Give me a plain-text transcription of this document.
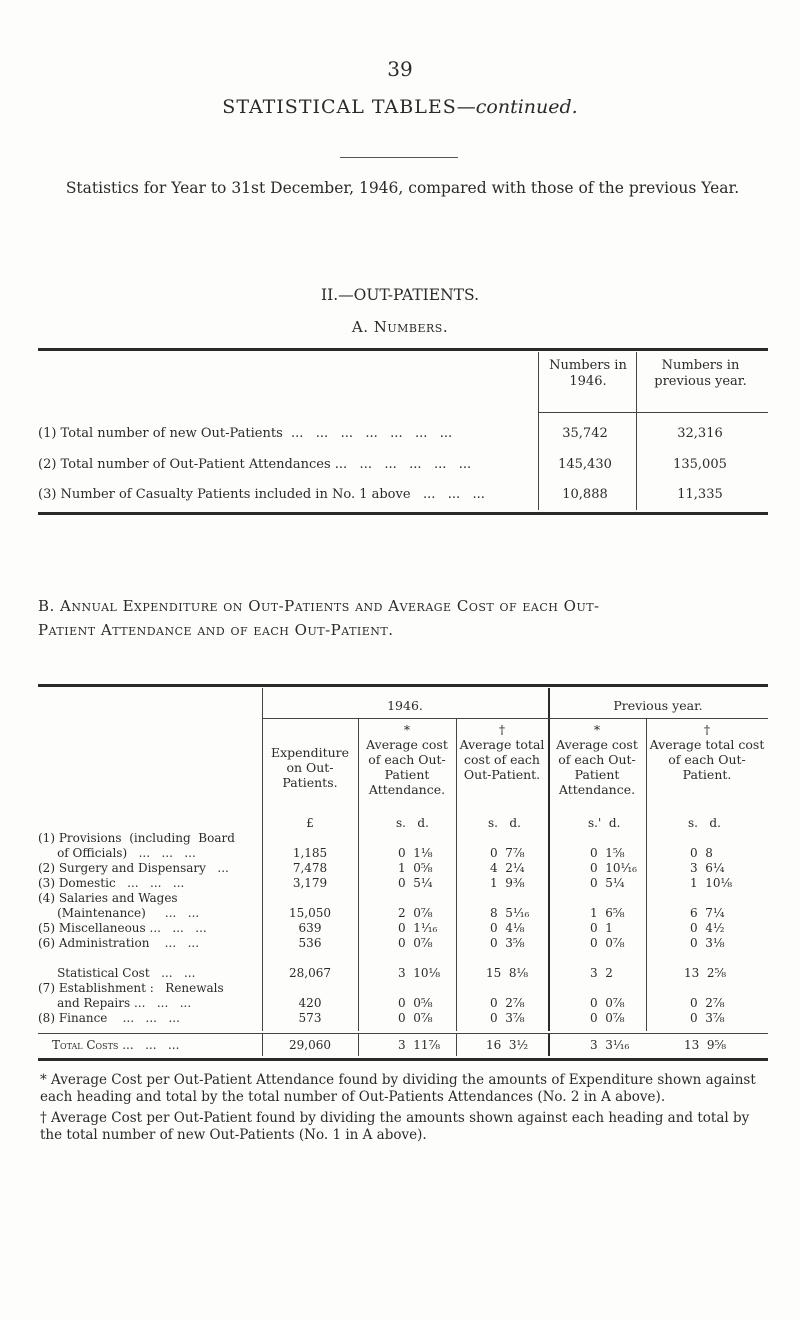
39
STATISTICAL TABLES—continued.
Statistics for Year to 31st December, 1946, compared with those of the previous Year.
II.—OUT-PATIENTS.
A. Numbers.
Numbers in 1946.
Numbers in previous year.
(1) Total number of new Out-Patients  ...   ...   ...   ...   ...   ...   ...	35,742	32,316
(2) Total number of Out-Patient Attendances ...   ...   ...   ...   ...   ...	145,430	135,005
(3) Number of Casualty Patients included in No. 1 above   ...   ...   ...	10,888	11,335
B. Annual Expenditure on Out-Patients and Average Cost of each Out-
Patient Attendance and of each Out-Patient.
1946.	Previous year.
Expenditure on Out-Patients.
*
Average cost of each Out-Patient Attendance.
†
Average total cost of each Out-Patient.
*
Average cost of each Out-Patient Attendance.
†
Average total cost of each Out-Patient.
£	s.   d.	s.   d.	s.'  d.	s.   d.
(1) Provisions  (including  Board
of Officials)   ...   ...   ...	1,185	0  1⅛	0  7⅞	0  1⅝	0  8
(2) Surgery and Dispensary   ...	7,478	1  0⅝	4  2¼	0  10¹⁄₁₆	3  6¼
(3) Domestic   ...   ...   ...	3,179	0  5¼	1  9⅜	0  5¼	1  10⅛
(4) Salaries and Wages
(Maintenance)     ...   ...	15,050	2  0⅞	8  5¹⁄₁₆	1  6⅝	6  7¼
(5) Miscellaneous ...   ...   ...	639	0  1¹⁄₁₆	0  4⅛	0  1	0  4½
(6) Administration    ...   ...	536	0  0⅞	0  3⅝	0  0⅞	0  3⅛
Statistical Cost   ...   ...	28,067	3  10⅛	15  8⅛	3  2	13  2⅝
(7) Establishment :   Renewals
and Repairs ...   ...   ...	420	0  0⅝	0  2⅞	0  0⅞	0  2⅞
(8) Finance    ...   ...   ...	573	0  0⅞	0  3⅞	0  0⅞	0  3⅞
Total Costs ...   ...   ...	29,060	3  11⅞	16  3½	3  3¹⁄₁₆	13  9⅝
* Average Cost per Out-Patient Attendance found by dividing the amounts of Expenditure shown against each heading and total by the total number of Out-Patients Attendances (No. 2 in A above).
† Average Cost per Out-Patient found by dividing the amounts shown against each heading and total by the total number of new Out-Patients (No. 1 in A above).
